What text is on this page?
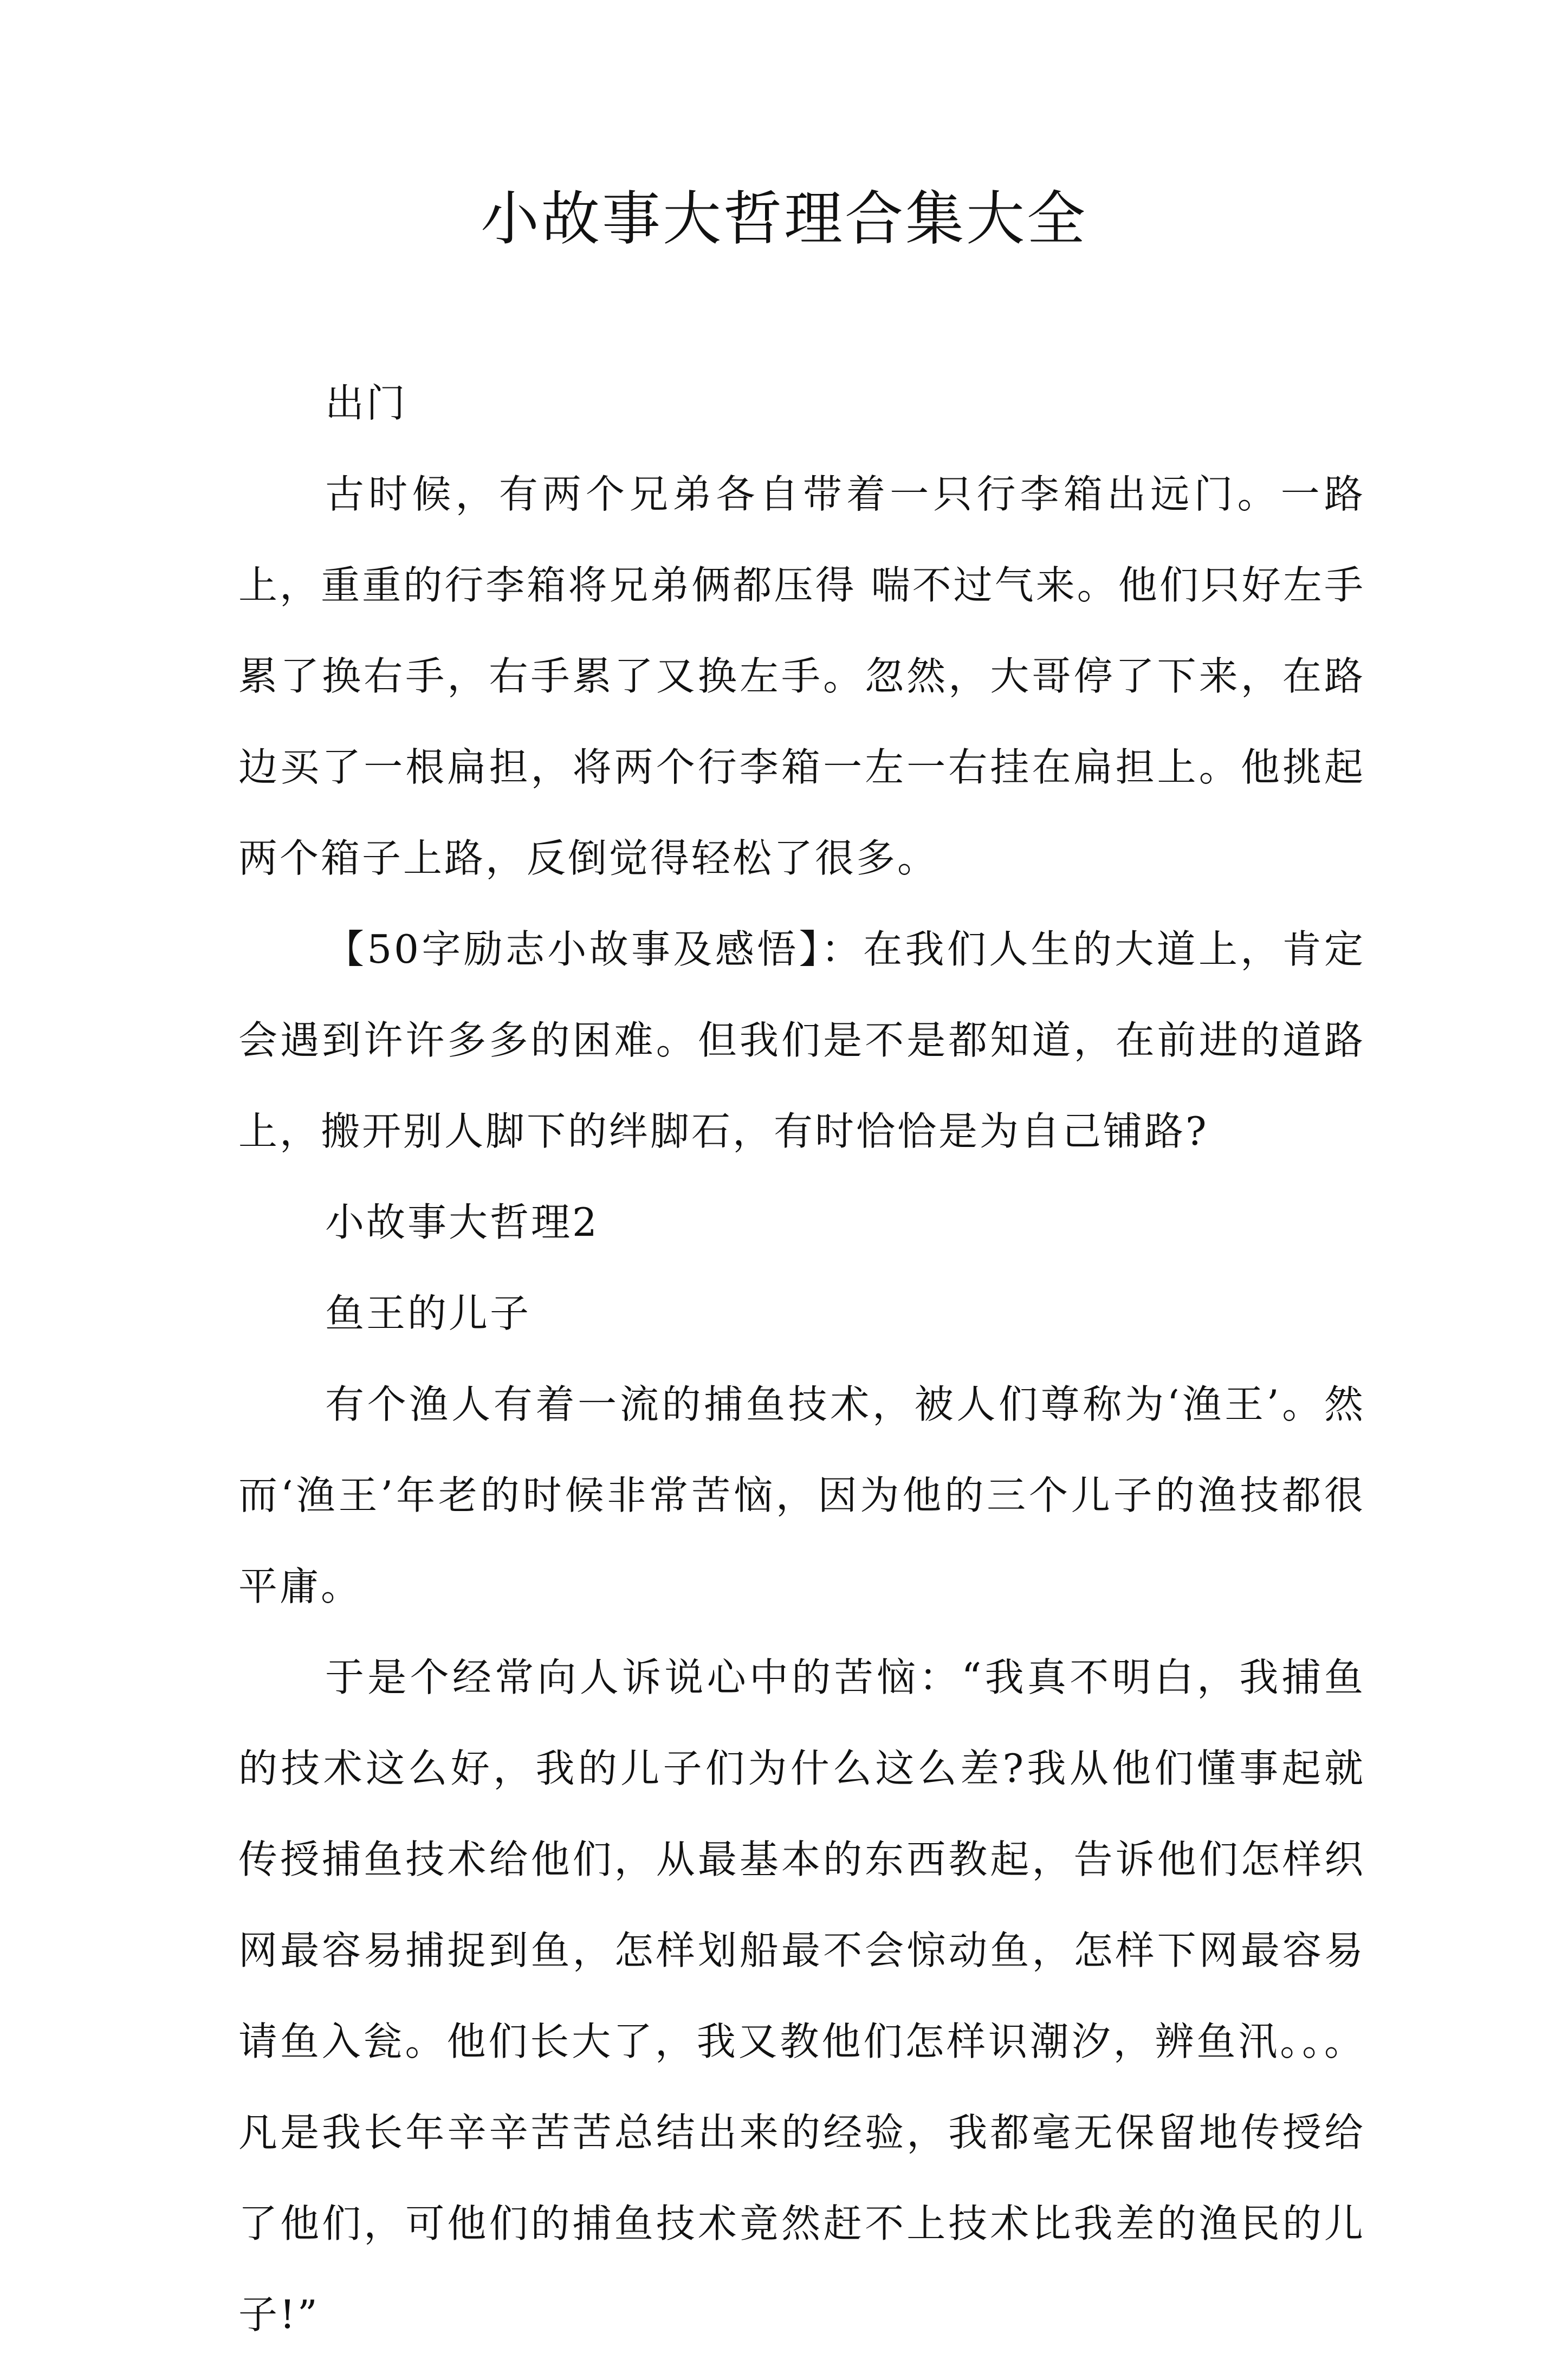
小故事大哲理合集大全

出门

古时候，有两个兄弟各自带着一只行李箱出远门。一路上，重重的行李箱将兄弟俩都压得 喘不过气来。他们只好左手累了换右手，右手累了又换左手。忽然，大哥停了下来，在路边买了一根扁担，将两个行李箱一左一右挂在扁担上。他挑起两个箱子上路，反倒觉得轻松了很多。

【50字励志小故事及感悟】：在我们人生的大道上，肯定会遇到许许多多的困难。但我们是不是都知道，在前进的道路上，搬开别人脚下的绊脚石，有时恰恰是为自己铺路?

小故事大哲理2

鱼王的儿子

有个渔人有着一流的捕鱼技术，被人们尊称为‘渔王’。然而‘渔王’年老的时候非常苦恼，因为他的三个儿子的渔技都很平庸。

于是个经常向人诉说心中的苦恼：“我真不明白，我捕鱼的技术这么好，我的儿子们为什么这么差?我从他们懂事起就传授捕鱼技术给他们，从最基本的东西教起，告诉他们怎样织网最容易捕捉到鱼，怎样划船最不会惊动鱼，怎样下网最容易请鱼入瓮。他们长大了，我又教他们怎样识潮汐，辨鱼汛。。。凡是我长年辛辛苦苦总结出来的经验，我都毫无保留地传授给了他们，可他们的捕鱼技术竟然赶不上技术比我差的渔民的儿子!”
